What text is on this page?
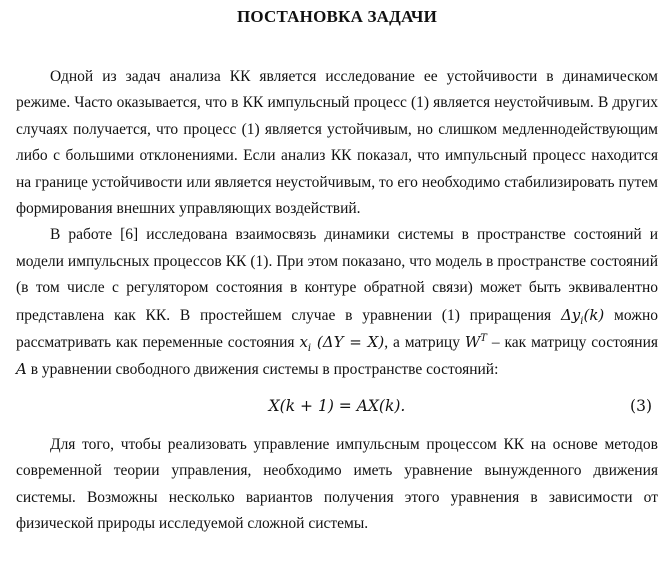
ПОСТАНОВКА ЗАДАЧИ

Одной из задач анализа КК является исследование ее устойчивости в динамическом режиме. Часто оказывается, что в КК импульсный процесс (1) является неустойчивым. В других случаях получается, что процесс (1) является устойчивым, но слишком медленнодействующим либо с большими отклонениями. Если анализ КК показал, что импульсный процесс находится на границе устойчивости или является неустойчивым, то его необходимо стабилизировать путем формирования внешних управляющих воздействий.

В работе [6] исследована взаимосвязь динамики системы в пространстве состояний и модели импульсных процессов КК (1). При этом показано, что модель в пространстве состояний (в том числе с регулятором состояния в контуре обратной связи) может быть эквивалентно представлена как КК. В простейшем случае в уравнении (1) приращения $\Delta y_i(k)$ можно рассматривать как переменные состояния $x_i$ (ΔY = X), а матрицу $W^T$ – как матрицу состояния A в уравнении свободного движения системы в пространстве состояний:

X(k + 1) = AX(k).	(3)

Для того, чтобы реализовать управление импульсным процессом КК на основе методов современной теории управления, необходимо иметь уравнение вынужденного движения системы. Возможны несколько вариантов получения этого уравнения в зависимости от физической природы исследуемой сложной системы.
